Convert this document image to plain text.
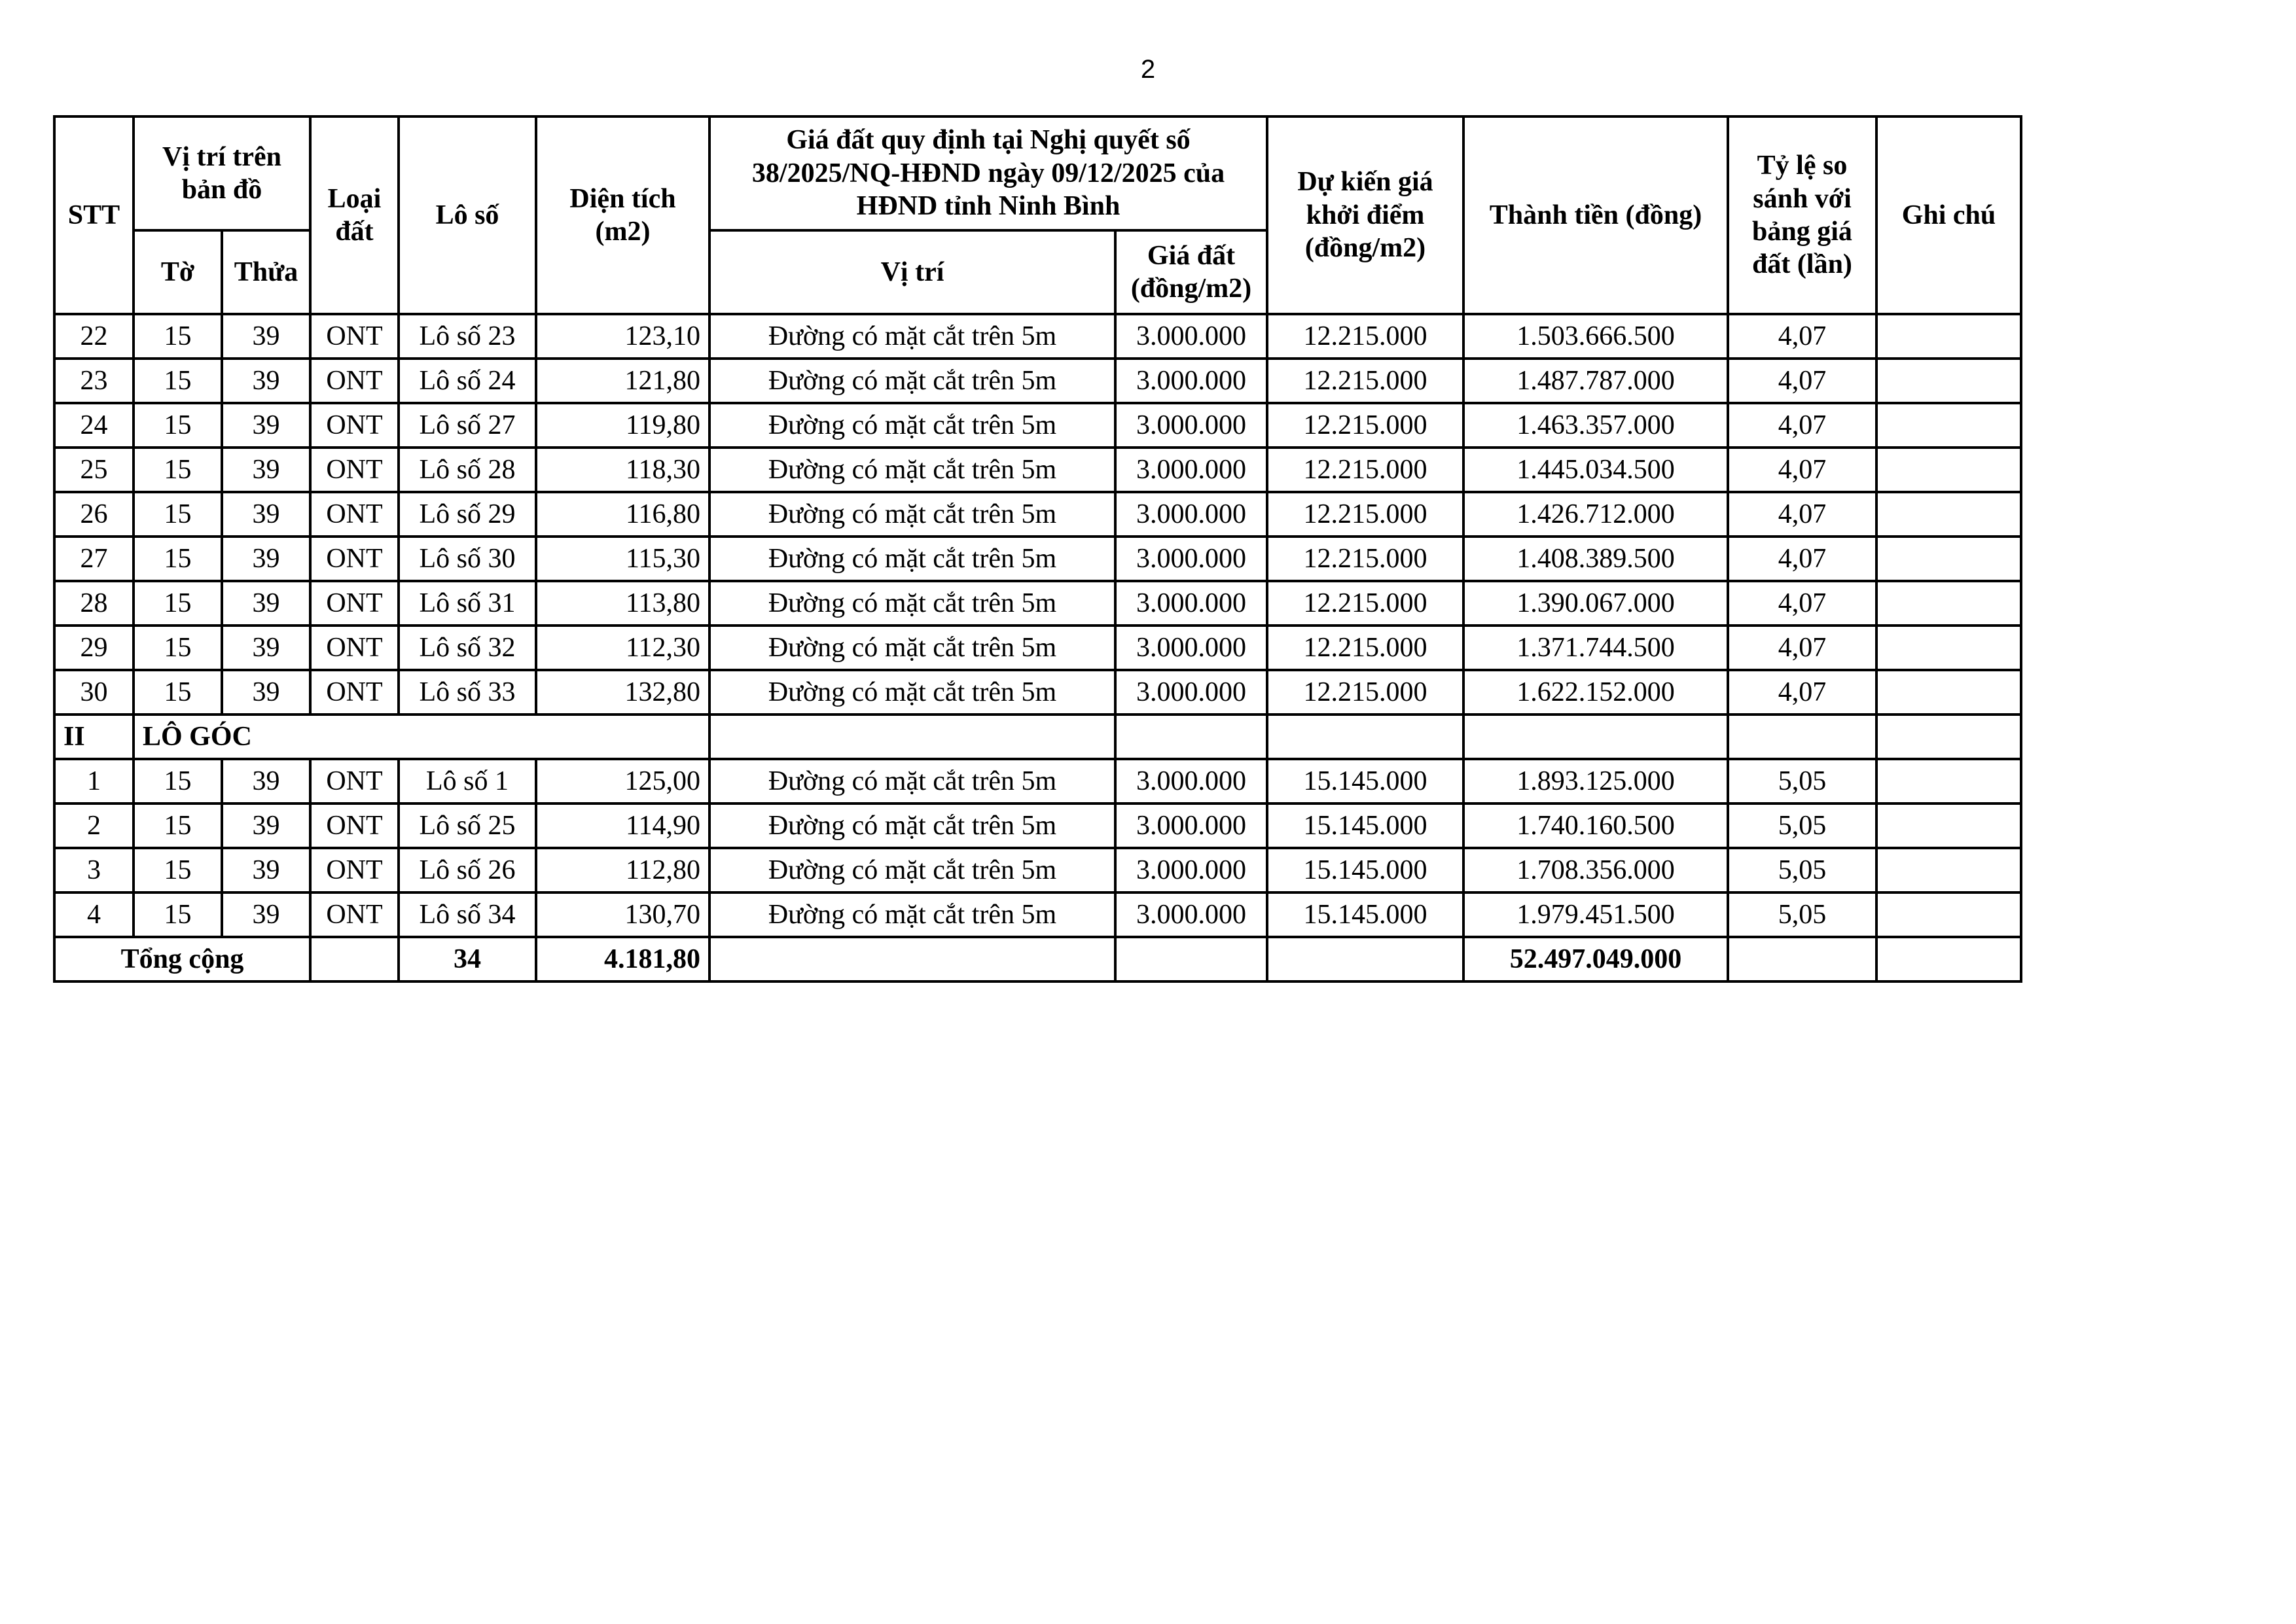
2
STT	Vị trí trên bản đồ		Loại đất	Lô số	Diện tích (m2)	Giá đất quy định tại Nghị quyết số 38/2025/NQ-HĐND ngày 09/12/2025 của HĐND tỉnh Ninh Bình		Dự kiến giá khởi điểm (đồng/m2)	Thành tiền (đồng)	Tỷ lệ so sánh với bảng giá đất (lần)	Ghi chú
	Tờ	Thửa				Vị trí	Giá đất (đồng/m2)				
22	15	39	ONT	Lô số 23	123,10	Đường có mặt cắt trên 5m	3.000.000	12.215.000	1.503.666.500	4,07	
23	15	39	ONT	Lô số 24	121,80	Đường có mặt cắt trên 5m	3.000.000	12.215.000	1.487.787.000	4,07	
24	15	39	ONT	Lô số 27	119,80	Đường có mặt cắt trên 5m	3.000.000	12.215.000	1.463.357.000	4,07	
25	15	39	ONT	Lô số 28	118,30	Đường có mặt cắt trên 5m	3.000.000	12.215.000	1.445.034.500	4,07	
26	15	39	ONT	Lô số 29	116,80	Đường có mặt cắt trên 5m	3.000.000	12.215.000	1.426.712.000	4,07	
27	15	39	ONT	Lô số 30	115,30	Đường có mặt cắt trên 5m	3.000.000	12.215.000	1.408.389.500	4,07	
28	15	39	ONT	Lô số 31	113,80	Đường có mặt cắt trên 5m	3.000.000	12.215.000	1.390.067.000	4,07	
29	15	39	ONT	Lô số 32	112,30	Đường có mặt cắt trên 5m	3.000.000	12.215.000	1.371.744.500	4,07	
30	15	39	ONT	Lô số 33	132,80	Đường có mặt cắt trên 5m	3.000.000	12.215.000	1.622.152.000	4,07	
II	LÔ GÓC										
1	15	39	ONT	Lô số 1	125,00	Đường có mặt cắt trên 5m	3.000.000	15.145.000	1.893.125.000	5,05	
2	15	39	ONT	Lô số 25	114,90	Đường có mặt cắt trên 5m	3.000.000	15.145.000	1.740.160.500	5,05	
3	15	39	ONT	Lô số 26	112,80	Đường có mặt cắt trên 5m	3.000.000	15.145.000	1.708.356.000	5,05	
4	15	39	ONT	Lô số 34	130,70	Đường có mặt cắt trên 5m	3.000.000	15.145.000	1.979.451.500	5,05	
Tổng cộng				34	4.181,80				52.497.049.000		
